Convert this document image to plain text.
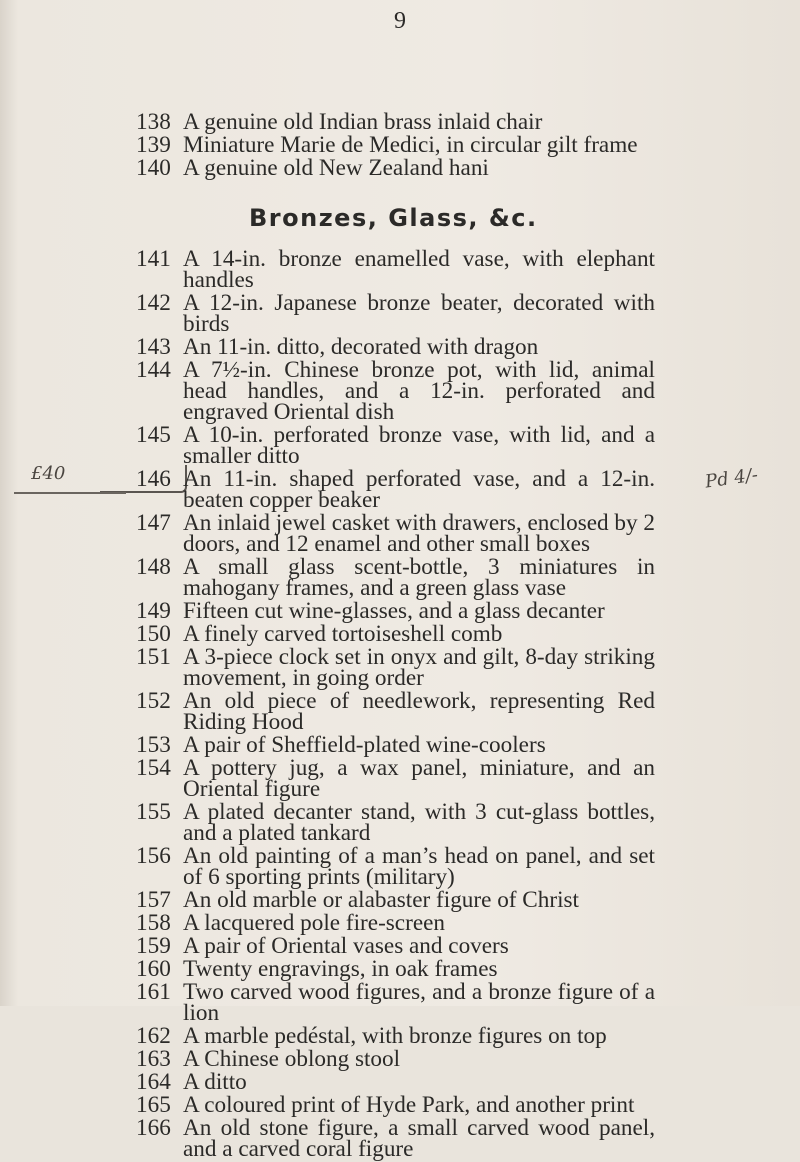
9
£40	Pd 4/-
138 A genuine old Indian brass inlaid chair
139 Miniature Marie de Medici, in circular gilt frame
140 A genuine old New Zealand hani
Bronzes, Glass, &c.
141 A 14-in. bronze enamelled vase, with elephant handles
142 A 12-in. Japanese bronze beater, decorated with birds
143 An 11-in. ditto, decorated with dragon
144 A 7½-in. Chinese bronze pot, with lid, animal head handles, and a 12-in. perforated and engraved Oriental dish
145 A 10-in. perforated bronze vase, with lid, and a smaller ditto
146 An 11-in. shaped perforated vase, and a 12-in. beaten copper beaker
147 An inlaid jewel casket with drawers, enclosed by 2 doors, and 12 enamel and other small boxes
148 A small glass scent-bottle, 3 miniatures in mahogany frames, and a green glass vase
149 Fifteen cut wine-glasses, and a glass decanter
150 A finely carved tortoiseshell comb
151 A 3-piece clock set in onyx and gilt, 8-day striking movement, in going order
152 An old piece of needlework, representing Red Riding Hood
153 A pair of Sheffield-plated wine-coolers
154 A pottery jug, a wax panel, miniature, and an Oriental figure
155 A plated decanter stand, with 3 cut-glass bottles, and a plated tankard
156 An old painting of a man’s head on panel, and set of 6 sporting prints (military)
157 An old marble or alabaster figure of Christ
158 A lacquered pole fire-screen
159 A pair of Oriental vases and covers
160 Twenty engravings, in oak frames
161 Two carved wood figures, and a bronze figure of a lion
162 A marble pedéstal, with bronze figures on top
163 A Chinese oblong stool
164 A ditto
165 A coloured print of Hyde Park, and another print
166 An old stone figure, a small carved wood panel, and a carved coral figure
